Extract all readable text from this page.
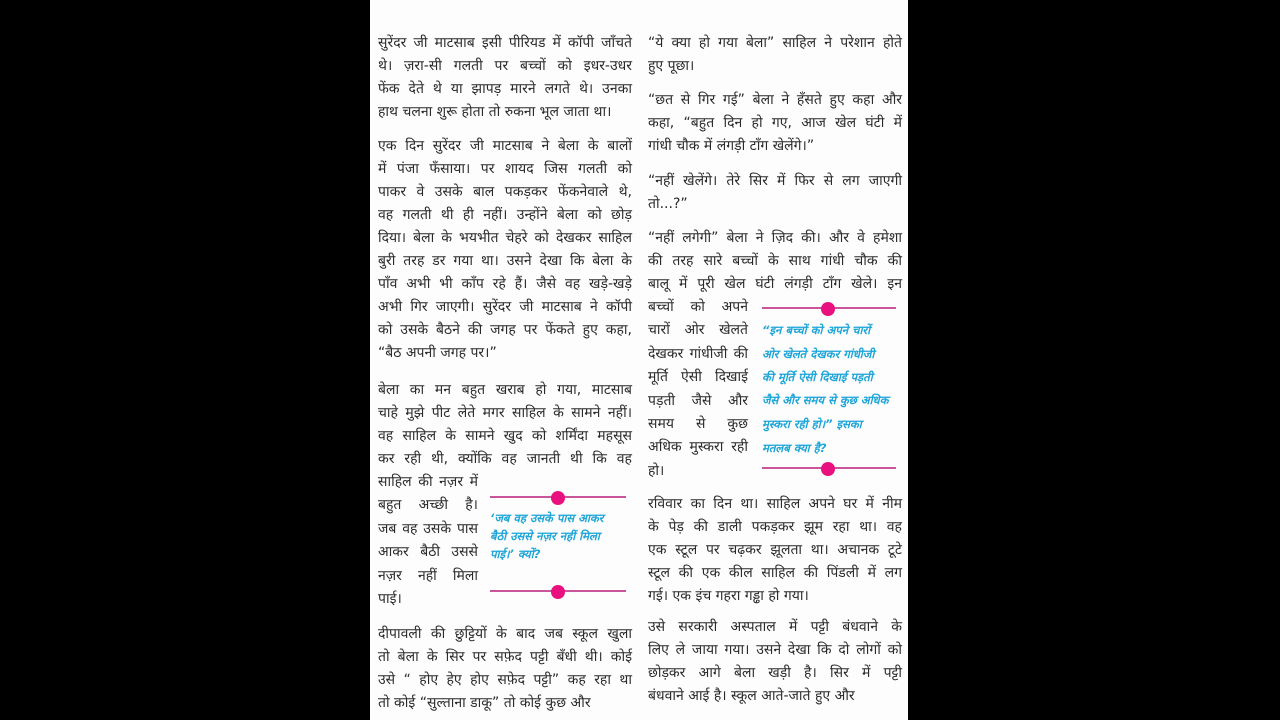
सुरेंदर जी माटसाब इसी पीरियड में कॉपी जाँचते
थे। ज़रा-सी गलती पर बच्चों को इधर-उधर
फेंक देते थे या झापड़ मारने लगते थे। उनका
हाथ चलना शुरू होता तो रुकना भूल जाता था।
एक दिन सुरेंदर जी माटसाब ने बेला के बालों
में पंजा फँसाया। पर शायद जिस गलती को
पाकर वे उसके बाल पकड़कर फेंकनेवाले थे,
वह गलती थी ही नहीं। उन्होंने बेला को छोड़
दिया। बेला के भयभीत चेहरे को देखकर साहिल
बुरी तरह डर गया था। उसने देखा कि बेला के
पाँव अभी भी काँप रहे हैं। जैसे वह खड़े-खड़े
अभी गिर जाएगी। सुरेंदर जी माटसाब ने कॉपी
को उसके बैठने की जगह पर फेंकते हुए कहा,
“बैठ अपनी जगह पर।”
बेला का मन बहुत खराब हो गया, माटसाब
चाहे मुझे पीट लेते मगर साहिल के सामने नहीं।
वह साहिल के सामने खुद को शर्मिंदा महसूस
कर रही थी, क्योंकि वह जानती थी कि वह
साहिल की नज़र में
बहुत अच्छी है।
जब वह उसके पास
आकर बैठी उससे
नज़र नहीं मिला
पाई।
दीपावली की छुट्टियों के बाद जब स्कूल खुला
तो बेला के सिर पर सफ़ेद पट्टी बँधी थी। कोई
उसे “ होए हेए होए सफ़ेद पट्टी” कह रहा था
तो कोई “सुल्ताना डाकू” तो कोई कुछ और
‘जब वह उसके पास आकर
बैठी उससे नज़र नहीं मिला
पाई।’ क्यों?
“ये क्या हो गया बेला” साहिल ने परेशान होते
हुए पूछा।
“छत से गिर गई” बेला ने हँसते हुए कहा और
कहा, “बहुत दिन हो गए, आज खेल घंटी में
गांधी चौक में लंगड़ी टाँग खेलेंगे।”
“नहीं खेलेंगे। तेरे सिर में फिर से लग जाएगी
तो...?”
“नहीं लगेगी” बेला ने ज़िद की। और वे हमेशा
की तरह सारे बच्चों के साथ गांधी चौक की
बालू में पूरी खेल घंटी लंगड़ी टाँग खेले। इन
बच्चों को अपने
चारों ओर खेलते
देखकर गांधीजी की
मूर्ति ऐसी दिखाई
पड़ती जैसे और
समय से कुछ
अधिक मुस्करा रही
हो।
रविवार का दिन था। साहिल अपने घर में नीम
के पेड़ की डाली पकड़कर झूम रहा था। वह
एक स्टूल पर चढ़कर झूलता था। अचानक टूटे
स्टूल की एक कील साहिल की पिंडली में लग
गई। एक इंच गहरा गड्ढा हो गया।
उसे सरकारी अस्पताल में पट्टी बंधवाने के
लिए ले जाया गया। उसने देखा कि दो लोगों को
छोड़कर आगे बेला खड़ी है। सिर में पट्टी
बंधवाने आई है। स्कूल आते-जाते हुए और
“इन बच्चों को अपने चारों
ओर खेलते देखकर गांधीजी
की मूर्ति ऐसी दिखाई पड़ती
जैसे और समय से कुछ अधिक
मुस्करा रही हो।” इसका
मतलब क्या है?
